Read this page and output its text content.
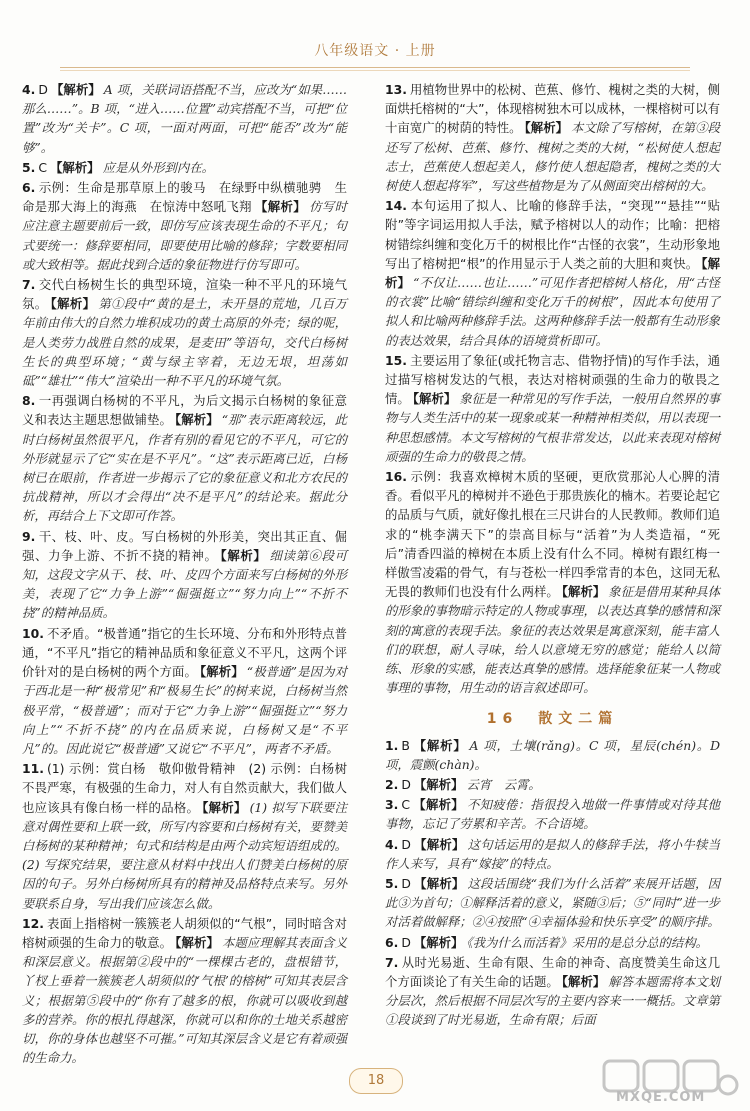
八年级语文 · 上册
4. D 【解析】 A 项，关联词语搭配不当，应改为“如果……那么……”。B 项，“进入……位置”动宾搭配不当，可把“位置”改为“关卡”。C 项，一面对两面，可把“能否”改为“能够”。
5. C 【解析】 应是从外形到内在。
6. 示例：生命是那草原上的骏马　在绿野中纵横驰骋　生命是那大海上的海燕　在惊涛中怒吼飞翔 【解析】 仿写时应注意主题要前后一致，即仿写应该表现生命的不平凡；句式要统一：修辞要相同，即要使用比喻的修辞；字数要相同或大致相等。据此找到合适的象征物进行仿写即可。
7. 交代白杨树生长的典型环境，渲染一种不平凡的环境气氛。 【解析】 第①段中“黄的是土，未开垦的荒地，几百万年前由伟大的自然力堆积成功的黄土高原的外壳；绿的呢，是人类劳力战胜自然的成果，是麦田”等语句，交代白杨树生长的典型环境；“黄与绿主宰着，无边无垠，坦荡如砥”“雄壮”“伟大”渲染出一种不平凡的环境气氛。
8. 一再强调白杨树的不平凡，为后文揭示白杨树的象征意义和表达主题思想做铺垫。 【解析】 “那”表示距离较远，此时白杨树虽然很平凡，作者有别的看见它的不平凡，可它的外形就显示了它“实在是不平凡”。“这”表示距离已近，白杨树已在眼前，作者进一步揭示了它的象征意义和北方农民的抗战精神，所以才会得出“决不是平凡”的结论来。据此分析，再结合上下文即可作答。
9. 干、枝、叶、皮。写白杨树的外形美，突出其正直、倔强、力争上游、不折不挠的精神。 【解析】 细读第⑥段可知，这段文字从干、枝、叶、皮四个方面来写白杨树的外形美，表现了它“力争上游”“倔强挺立”“努力向上”“不折不挠”的精神品质。
10. 不矛盾。“极普通”指它的生长环境、分布和外形特点普通，“不平凡”指它的精神品质和象征意义不平凡，这两个评价针对的是白杨树的两个方面。 【解析】 “极普通”是因为对于西北是一种“极常见”和“极易生长”的树来说，白杨树当然极平常，“极普通”；而对于它“力争上游”“倔强挺立”“努力向上”“不折不挠”的内在品质来说，白杨树又是“不平凡”的。因此说它“极普通”又说它“不平凡”，两者不矛盾。
11. (1) 示例：赏白杨　敬仰傲骨精神　(2) 示例：白杨树不畏严寒，有极强的生命力，对人有自然贡献大，我们做人也应该具有像白杨一样的品格。 【解析】 (1) 拟写下联要注意对偶性要和上联一致，所写内容要和白杨树有关，要赞美白杨树的某种精神；句式和结构是由两个动宾短语组成的。(2) 写探究结果，要注意从材料中找出人们赞美白杨树的原因的句子。另外白杨树所具有的精神及品格特点来写。另外要联系自身，写出我们应该怎么做。
12. 表面上指榕树一簇簇老人胡须似的“气根”，同时暗含对榕树顽强的生命力的敬意。 【解析】 本题应理解其表面含义和深层意义。根据第②段中的“一棵棵古老的，盘根错节，丫杈上垂着一簇簇老人胡须似的‘气根’的榕树”可知其表层含义；根据第⑤段中的“你有了越多的根，你就可以吸收到越多的营养。你的根扎得越深，你就可以和你的土地关系越密切，你的身体也越坚不可摧。”可知其深层含义是它有着顽强的生命力。
13. 用植物世界中的松树、芭蕉、修竹、槐树之类的大树，侧面烘托榕树的“大”，体现榕树独木可以成林，一棵榕树可以有十亩宽广的树荫的特性。 【解析】 本文除了写榕树，在第③段还写了松树、芭蕉、修竹、槐树之类的大树，“松树使人想起志士，芭蕉使人想起美人，修竹使人想起隐者，槐树之类的大树使人想起将军”，写这些植物是为了从侧面突出榕树的大。
14. 本句运用了拟人、比喻的修辞手法，“突现”“悬挂”“贴附”等字词运用拟人手法，赋予榕树以人的动作；比喻：把榕树错综纠缠和变化万千的树根比作“古怪的衣裳”，生动形象地写出了榕树把“根”的作用显示于人类之前的大胆和爽快。 【解析】 “不仅让……也让……”可见作者把榕树人格化，用“古怪的衣裳”比喻“错综纠缠和变化万千的树根”，因此本句使用了拟人和比喻两种修辞手法。这两种修辞手法一般都有生动形象的表达效果，结合具体的语境赏析即可。
15. 主要运用了象征(或托物言志、借物抒情)的写作手法，通过描写榕树发达的气根，表达对榕树顽强的生命力的敬畏之情。 【解析】 象征是一种常见的写作手法，一般用自然界的事物与人类生活中的某一现象或某一种精神相类似，用以表现一种思想感情。本文写榕树的气根非常发达，以此来表现对榕树顽强的生命力的敬畏之情。
16. 示例：我喜欢樟树木质的坚硬，更欣赏那沁人心脾的清香。看似平凡的樟树并不逊色于那贵族化的楠木。若要论起它的品质与气质，就好像扎根在三尺讲台的人民教师。教师们追求的“桃李满天下”的崇高目标与“活着”为人类造福，“死后”清香四溢的樟树在本质上没有什么不同。樟树有跟红梅一样傲雪凌霜的骨气，有与苍松一样四季常青的本色，这同无私无畏的教师们也没有什么两样。 【解析】 象征是借用某种具体的形象的事物暗示特定的人物或事理，以表达真挚的感情和深刻的寓意的表现手法。象征的表达效果是寓意深刻，能丰富人们的联想，耐人寻味，给人以意境无穷的感觉；能给人以简练、形象的实感，能表达真挚的感情。选择能象征某一人物或事理的事物，用生动的语言叙述即可。
16　散文二篇
1. B 【解析】 A 项，土壤(rǎng)。C 项，星辰(chén)。D 项，震颤(chàn)。
2. D 【解析】 云宵　云霄。
3. C 【解析】 不知疲倦：指很投入地做一件事情或对待其他事物，忘记了劳累和辛苦。不合语境。
4. D 【解析】 这句话运用的是拟人的修辞手法，将小牛犊当作人来写，具有“嫁接”的特点。
5. D 【解析】 这段话围绕“我们为什么活着”来展开话题，因此③为首句；①解释活着的意义，紧随③后；⑤“同时”进一步对活着做解释；②④按照“④幸福体验和快乐享受”的顺序排。
6. D 【解析】 《我为什么而活着》采用的是总分总的结构。
7. 从时光易逝、生命有限、生命的神奇、高度赞美生命这几个方面谈论了有关生命的话题。 【解析】 解答本题需将本文划分层次，然后根据不同层次写的主要内容来一一概括。文章第①段谈到了时光易逝，生命有限；后面
18
MXQE.COM
